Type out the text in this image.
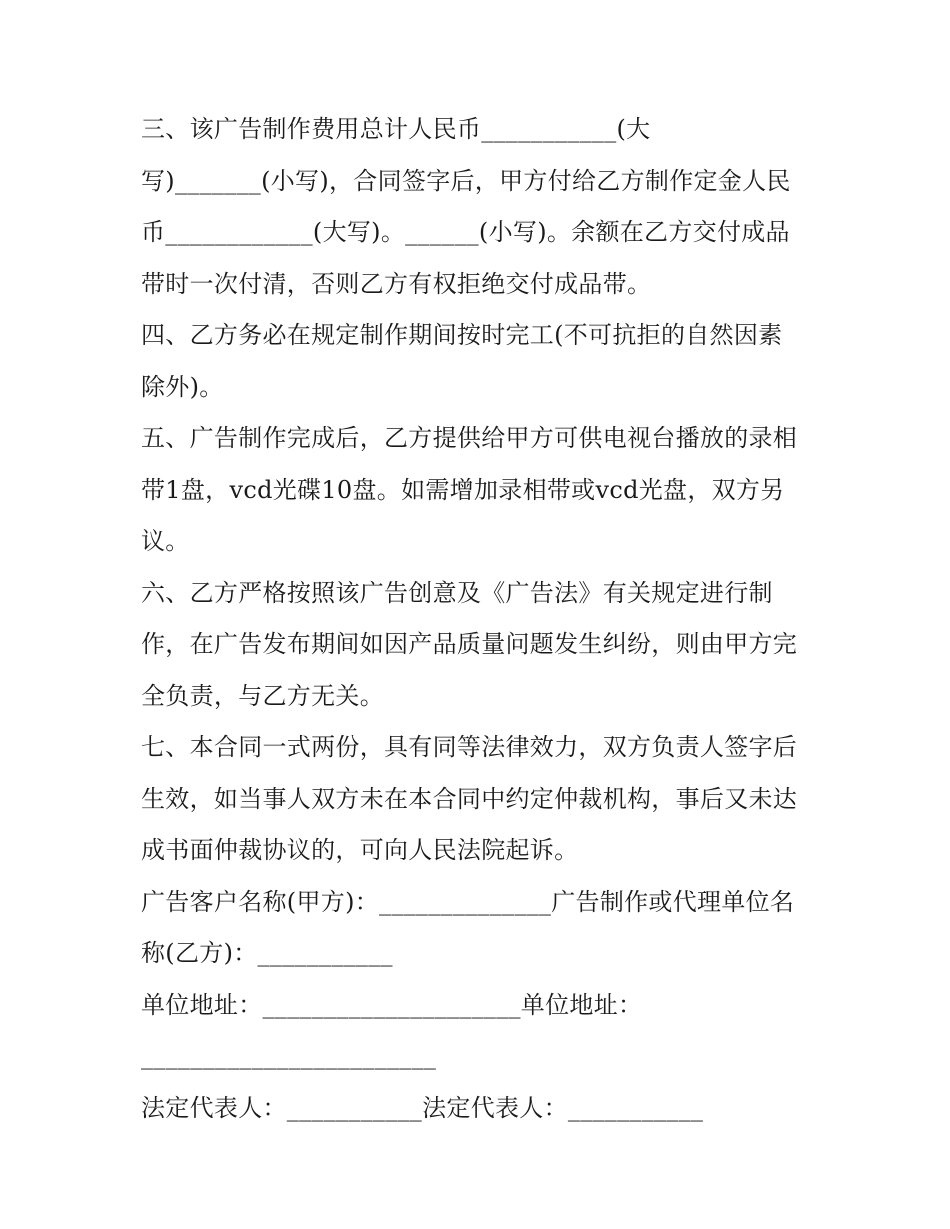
三、该广告制作费用总计人民币___________(大
写)_______(小写)，合同签字后，甲方付给乙方制作定金人民
币____________(大写)。______(小写)。余额在乙方交付成品
带时一次付清，否则乙方有权拒绝交付成品带。
四、乙方务必在规定制作期间按时完工(不可抗拒的自然因素
除外)。
五、广告制作完成后，乙方提供给甲方可供电视台播放的录相
带1盘，vcd光碟10盘。如需增加录相带或vcd光盘，双方另
议。
六、乙方严格按照该广告创意及《广告法》有关规定进行制
作，在广告发布期间如因产品质量问题发生纠纷，则由甲方完
全负责，与乙方无关。
七、本合同一式两份，具有同等法律效力，双方负责人签字后
生效，如当事人双方未在本合同中约定仲裁机构，事后又未达
成书面仲裁协议的，可向人民法院起诉。
广告客户名称(甲方)：______________广告制作或代理单位名
称(乙方)：___________
单位地址：_____________________单位地址：
________________________
法定代表人：___________法定代表人：___________
